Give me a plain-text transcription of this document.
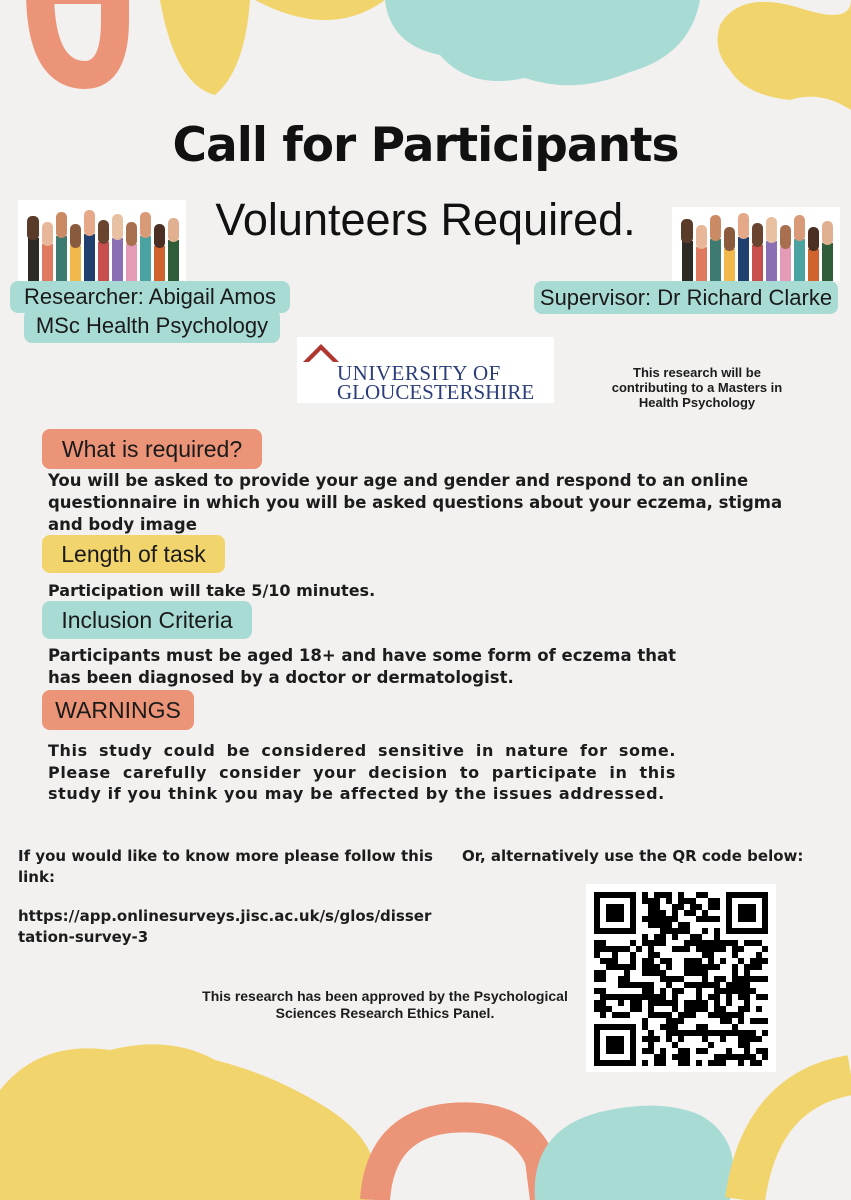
Call for Participants
Volunteers Required.
Researcher: Abigail Amos
MSc Health Psychology
Supervisor: Dr Richard Clarke
UNIVERSITY OF
GLOUCESTERSHIRE
This research will be contributing to a Masters in Health Psychology
What is required?
You will be asked to provide your age and gender and respond to an online questionnaire in which you will be asked questions about your eczema, stigma and body image
Length of task
Participation will take 5/10 minutes.
Inclusion Criteria
Participants must be aged 18+ and have some form of eczema that has been diagnosed by a doctor or dermatologist.
WARNINGS
This study could be considered sensitive in nature for some. Please carefully consider your decision to participate in this study if you think you may be affected by the issues addressed.
If you would like to know more please follow this link:
https://app.onlinesurveys.jisc.ac.uk/s/glos/dissertation-survey-3
Or, alternatively use the QR code below:
This research has been approved by the Psychological Sciences Research Ethics Panel.
